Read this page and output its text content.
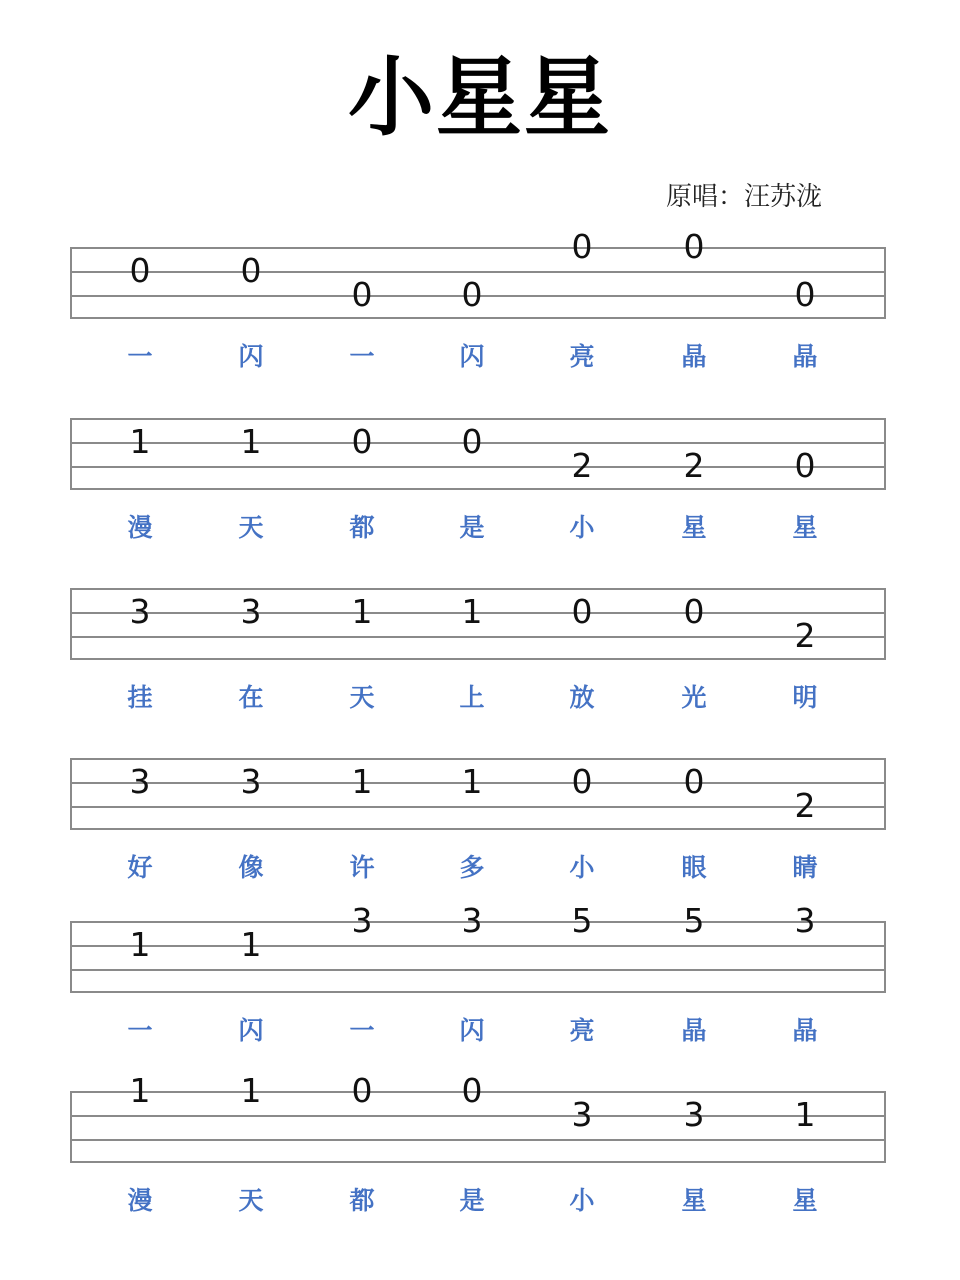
小星星
原唱：汪苏泷
0
一
0
闪
0
一
0
闪
0
亮
0
晶
0
晶
1
漫
1
天
0
都
0
是
2
小
2
星
0
星
3
挂
3
在
1
天
1
上
0
放
0
光
2
明
3
好
3
像
1
许
1
多
0
小
0
眼
2
睛
1
一
1
闪
3
一
3
闪
5
亮
5
晶
3
晶
1
漫
1
天
0
都
0
是
3
小
3
星
1
星
